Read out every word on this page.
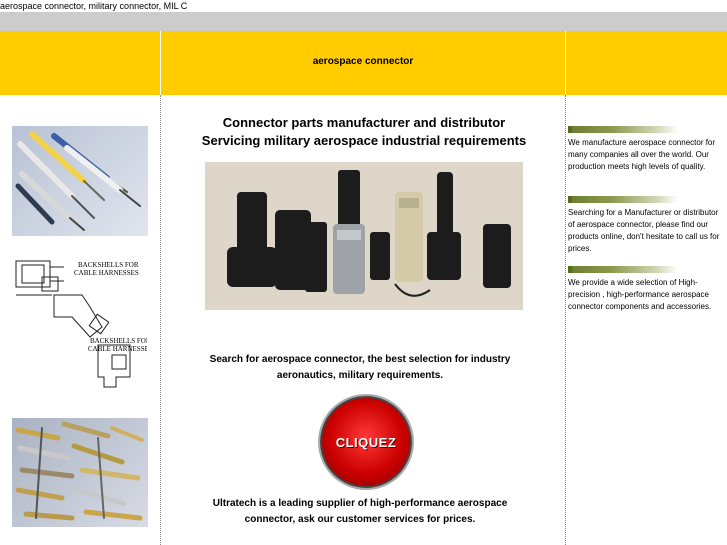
aerospace connector, military connector, MIL C
aerospace connector
BACKSHELLS FOR
CABLE HARNESSES
BACKSHELLS FOR
CABLE HARNESSES
Connector parts manufacturer and distributor
Servicing military aerospace industrial requirements
Search for aerospace connector, the best selection for industry
aeronautics, military requirements.
CLIQUEZ
Ultratech is a leading supplier of high-performance aerospace
connector, ask our customer services for prices.
We manufacture aerospace connector for many companies all over the world. Our production meets high levels of quality.
Searching for a Manufacturer or distributor of aerospace connector, please find our products online, don't hesitate to call us for prices.
We provide a wide selection of High-precision , high-performance aerospace connector components and accessories.
